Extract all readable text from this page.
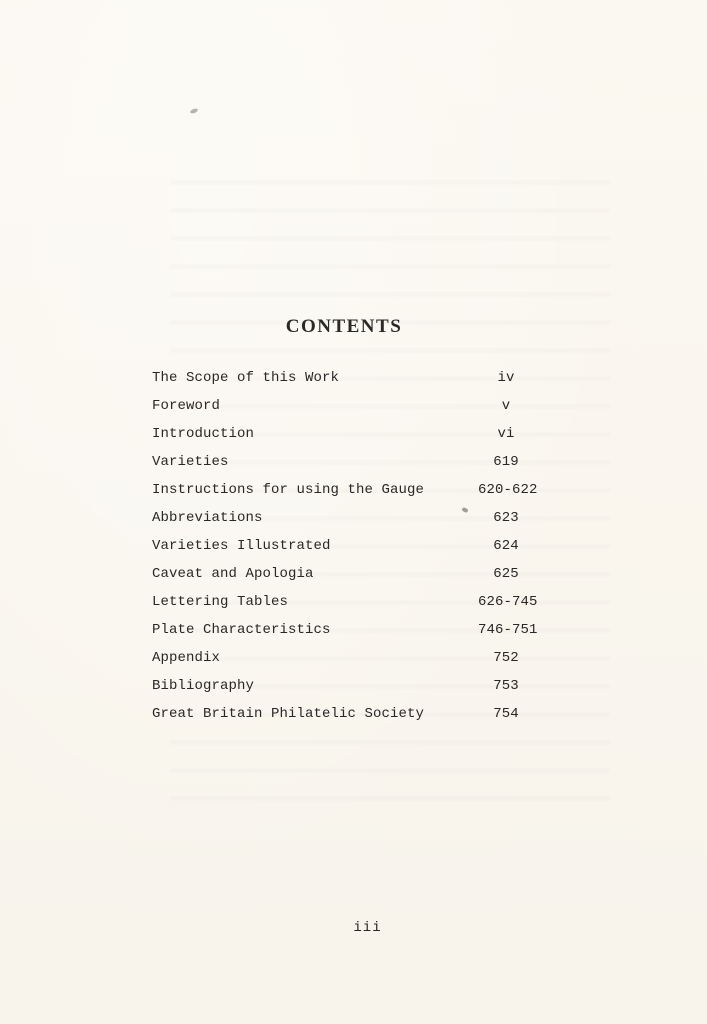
CONTENTS
The Scope of this Work	iv
Foreword	v
Introduction	vi
Varieties	619
Instructions for using the Gauge	620-622
Abbreviations	623
Varieties Illustrated	624
Caveat and Apologia	625
Lettering Tables	626-745
Plate Characteristics	746-751
Appendix	752
Bibliography	753
Great Britain Philatelic Society	754
iii
